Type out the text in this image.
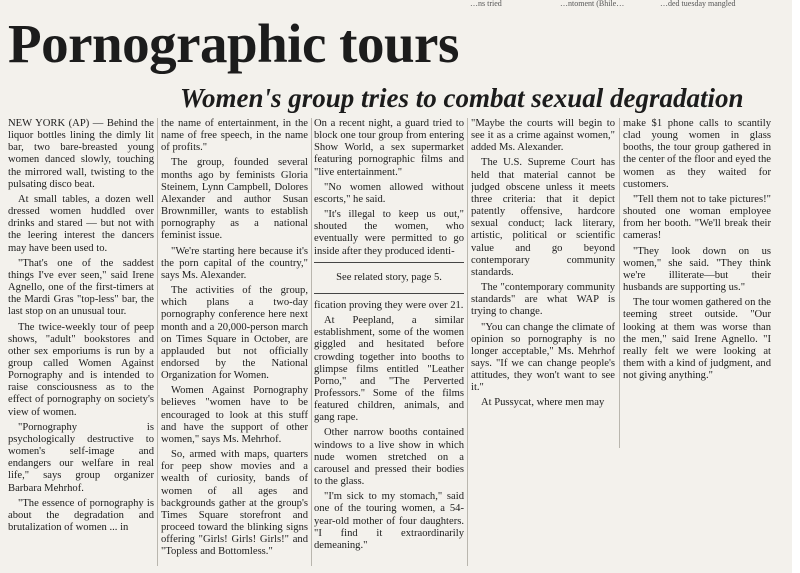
…ns tried	…ntoment (Bhile…	…ded tuesday mangled
Pornographic tours
Women's group tries to combat sexual degradation

NEW YORK (AP) — Behind the liquor bottles lining the dimly lit bar, two bare-breasted young women danced slowly, touching the mirrored wall, twisting to the pulsating disco beat.

At small tables, a dozen well dressed women huddled over drinks and stared — but not with the leering interest the dancers may have been used to.

"That's one of the saddest things I've ever seen," said Irene Agnello, one of the first-timers at the Mardi Gras "top-less" bar, the last stop on an unusual tour.

The twice-weekly tour of peep shows, "adult" bookstores and other sex emporiums is run by a group called Women Against Pornography and is intended to raise consciousness as to the effect of pornography on society's view of women.

"Pornography is psychologically destructive to women's self-image and endangers our welfare in real life," says group organizer Barbara Mehrhof.

"The essence of pornography is about the degradation and brutalization of women ... in

the name of entertainment, in the name of free speech, in the name of profits."

The group, founded several months ago by feminists Gloria Steinem, Lynn Campbell, Dolores Alexander and author Susan Brownmiller, wants to establish pornography as a national feminist issue.

"We're starting here because it's the porn capital of the country," says Ms. Alexander.

The activities of the group, which plans a two-day pornography conference here next month and a 20,000-person march on Times Square in October, are applauded but not officially endorsed by the National Organization for Women.

Women Against Pornography believes "women have to be encouraged to look at this stuff and have the support of other women," says Ms. Mehrhof.

So, armed with maps, quarters for peep show movies and a wealth of curiosity, bands of women of all ages and backgrounds gather at the group's Times Square storefront and proceed toward the blinking signs offering "Girls! Girls! Girls!" and "Topless and Bottomless."

On a recent night, a guard tried to block one tour group from entering Show World, a sex supermarket featuring pornographic films and "live entertainment."

"No women allowed without escorts," he said.

"It's illegal to keep us out," shouted the women, who eventually were permitted to go inside after they produced identi-

See related story, page 5.

fication proving they were over 21.

At Peepland, a similar establishment, some of the women giggled and hesitated before crowding together into booths to glimpse films entitled "Leather Porno," and "The Perverted Professors." Some of the films featured children, animals, and gang rape.

Other narrow booths contained windows to a live show in which nude women stretched on a carousel and pressed their bodies to the glass.

"I'm sick to my stomach," said one of the touring women, a 54-year-old mother of four daughters. "I find it extraordinarily demeaning."

"Maybe the courts will begin to see it as a crime against women," added Ms. Alexander.

The U.S. Supreme Court has held that material cannot be judged obscene unless it meets three criteria: that it depict patently offensive, hardcore sexual conduct; lack literary, artistic, political or scientific value and go beyond contemporary community standards.

The "contemporary community standards" are what WAP is trying to change.

"You can change the climate of opinion so pornography is no longer acceptable," Ms. Mehrhof says. "If we can change people's attitudes, they won't want to see it."

At Pussycat, where men may

make $1 phone calls to scantily clad young women in glass booths, the tour group gathered in the center of the floor and eyed the women as they waited for customers.

"Tell them not to take pictures!" shouted one woman employee from her booth. "We'll break their cameras!

"They look down on us women," she said. "They think we're illiterate—but their husbands are supporting us."

The tour women gathered on the teeming street outside. "Our looking at them was worse than the men," said Irene Agnello. "I really felt we were looking at them with a kind of judgment, and not giving anything."
